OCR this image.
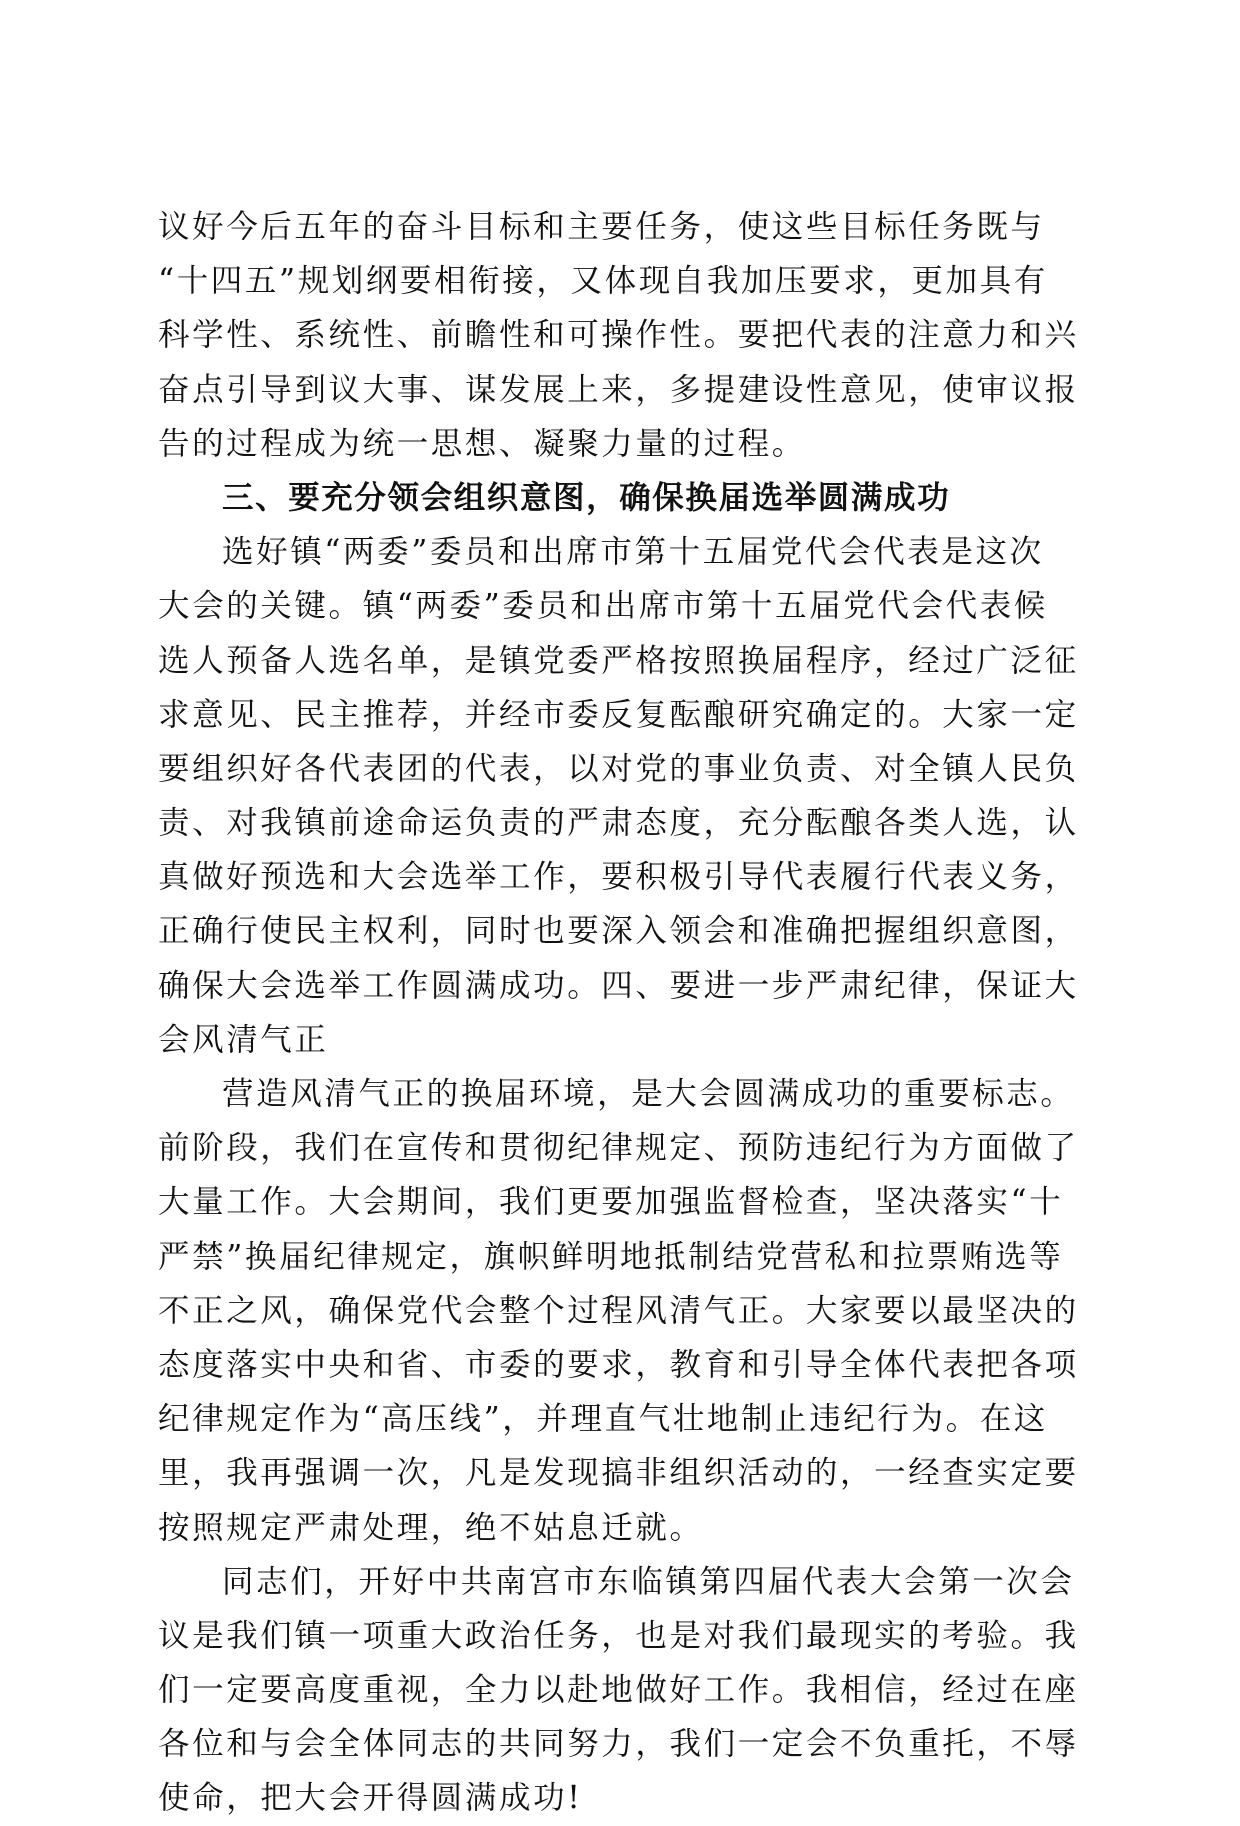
议好今后五年的奋斗目标和主要任务，使这些目标任务既与
“十四五”规划纲要相衔接，又体现自我加压要求，更加具有
科学性、系统性、前瞻性和可操作性。要把代表的注意力和兴
奋点引导到议大事、谋发展上来，多提建设性意见，使审议报
告的过程成为统一思想、凝聚力量的过程。
三、要充分领会组织意图，确保换届选举圆满成功
选好镇“两委”委员和出席市第十五届党代会代表是这次
大会的关键。镇“两委”委员和出席市第十五届党代会代表候
选人预备人选名单，是镇党委严格按照换届程序，经过广泛征
求意见、民主推荐，并经市委反复酝酿研究确定的。大家一定
要组织好各代表团的代表，以对党的事业负责、对全镇人民负
责、对我镇前途命运负责的严肃态度，充分酝酿各类人选，认
真做好预选和大会选举工作，要积极引导代表履行代表义务，
正确行使民主权利，同时也要深入领会和准确把握组织意图，
确保大会选举工作圆满成功。四、要进一步严肃纪律，保证大
会风清气正
营造风清气正的换届环境，是大会圆满成功的重要标志。
前阶段，我们在宣传和贯彻纪律规定、预防违纪行为方面做了
大量工作。大会期间，我们更要加强监督检查，坚决落实“十
严禁”换届纪律规定，旗帜鲜明地抵制结党营私和拉票贿选等
不正之风，确保党代会整个过程风清气正。大家要以最坚决的
态度落实中央和省、市委的要求，教育和引导全体代表把各项
纪律规定作为“高压线”，并理直气壮地制止违纪行为。在这
里，我再强调一次，凡是发现搞非组织活动的，一经查实定要
按照规定严肃处理，绝不姑息迁就。
同志们，开好中共南宫市东临镇第四届代表大会第一次会
议是我们镇一项重大政治任务，也是对我们最现实的考验。我
们一定要高度重视，全力以赴地做好工作。我相信，经过在座
各位和与会全体同志的共同努力，我们一定会不负重托，不辱
使命，把大会开得圆满成功!
